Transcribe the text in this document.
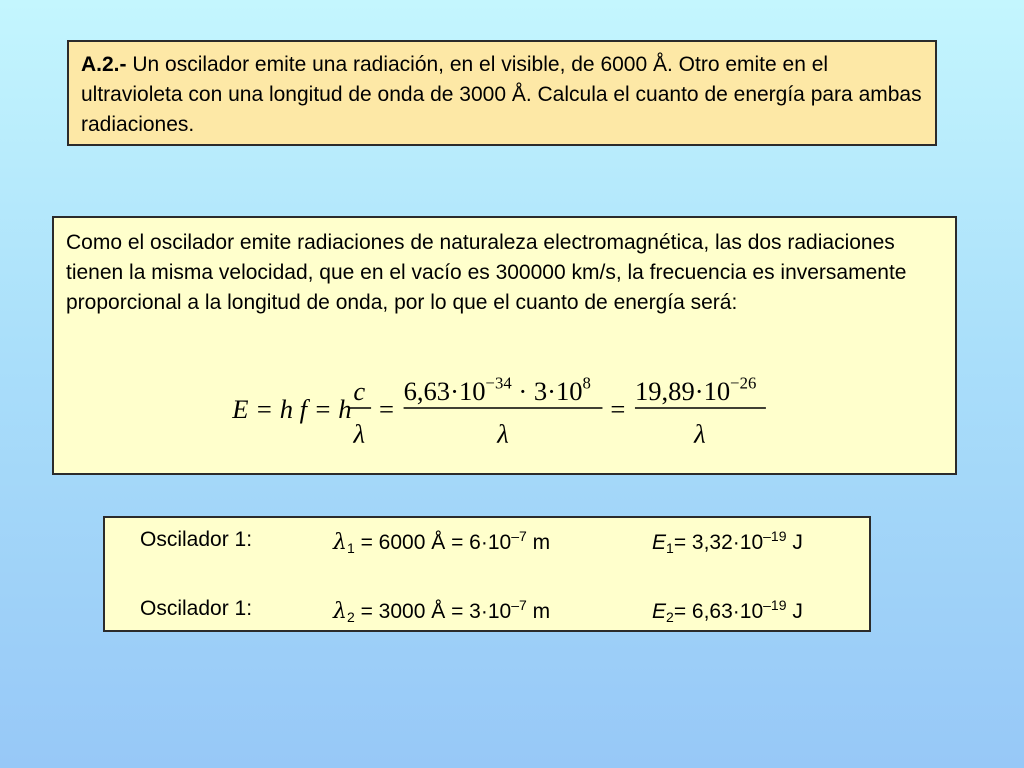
A.2.- Un oscilador emite una radiación, en el visible, de 6000 Å. Otro emite en el ultravioleta con una longitud de onda de 3000 Å. Calcula el cuanto de energía para ambas radiaciones.
Como el oscilador emite radiaciones de naturaleza electromagnética, las dos radiaciones tienen la misma velocidad, que en el vacío es 300000 km/s, la frecuencia es inversamente proporcional a la longitud de onda, por lo que el cuanto de energía será:
E = h f = h
c
λ
=
$6,63\cdot 10^{-34} \cdot 3\cdot 10^8$
λ
=
$19,89\cdot 10^{-26}$
λ
Oscilador 1:	$\lambda_1 = 6000$ Å = $6\cdot 10^{-7}$ m	$E_1= 3,32\cdot 10^{-19}$ J
Oscilador 1:	$\lambda_2 = 3000$ Å = $3\cdot 10^{-7}$ m	$E_2= 6,63\cdot 10^{-19}$ J
